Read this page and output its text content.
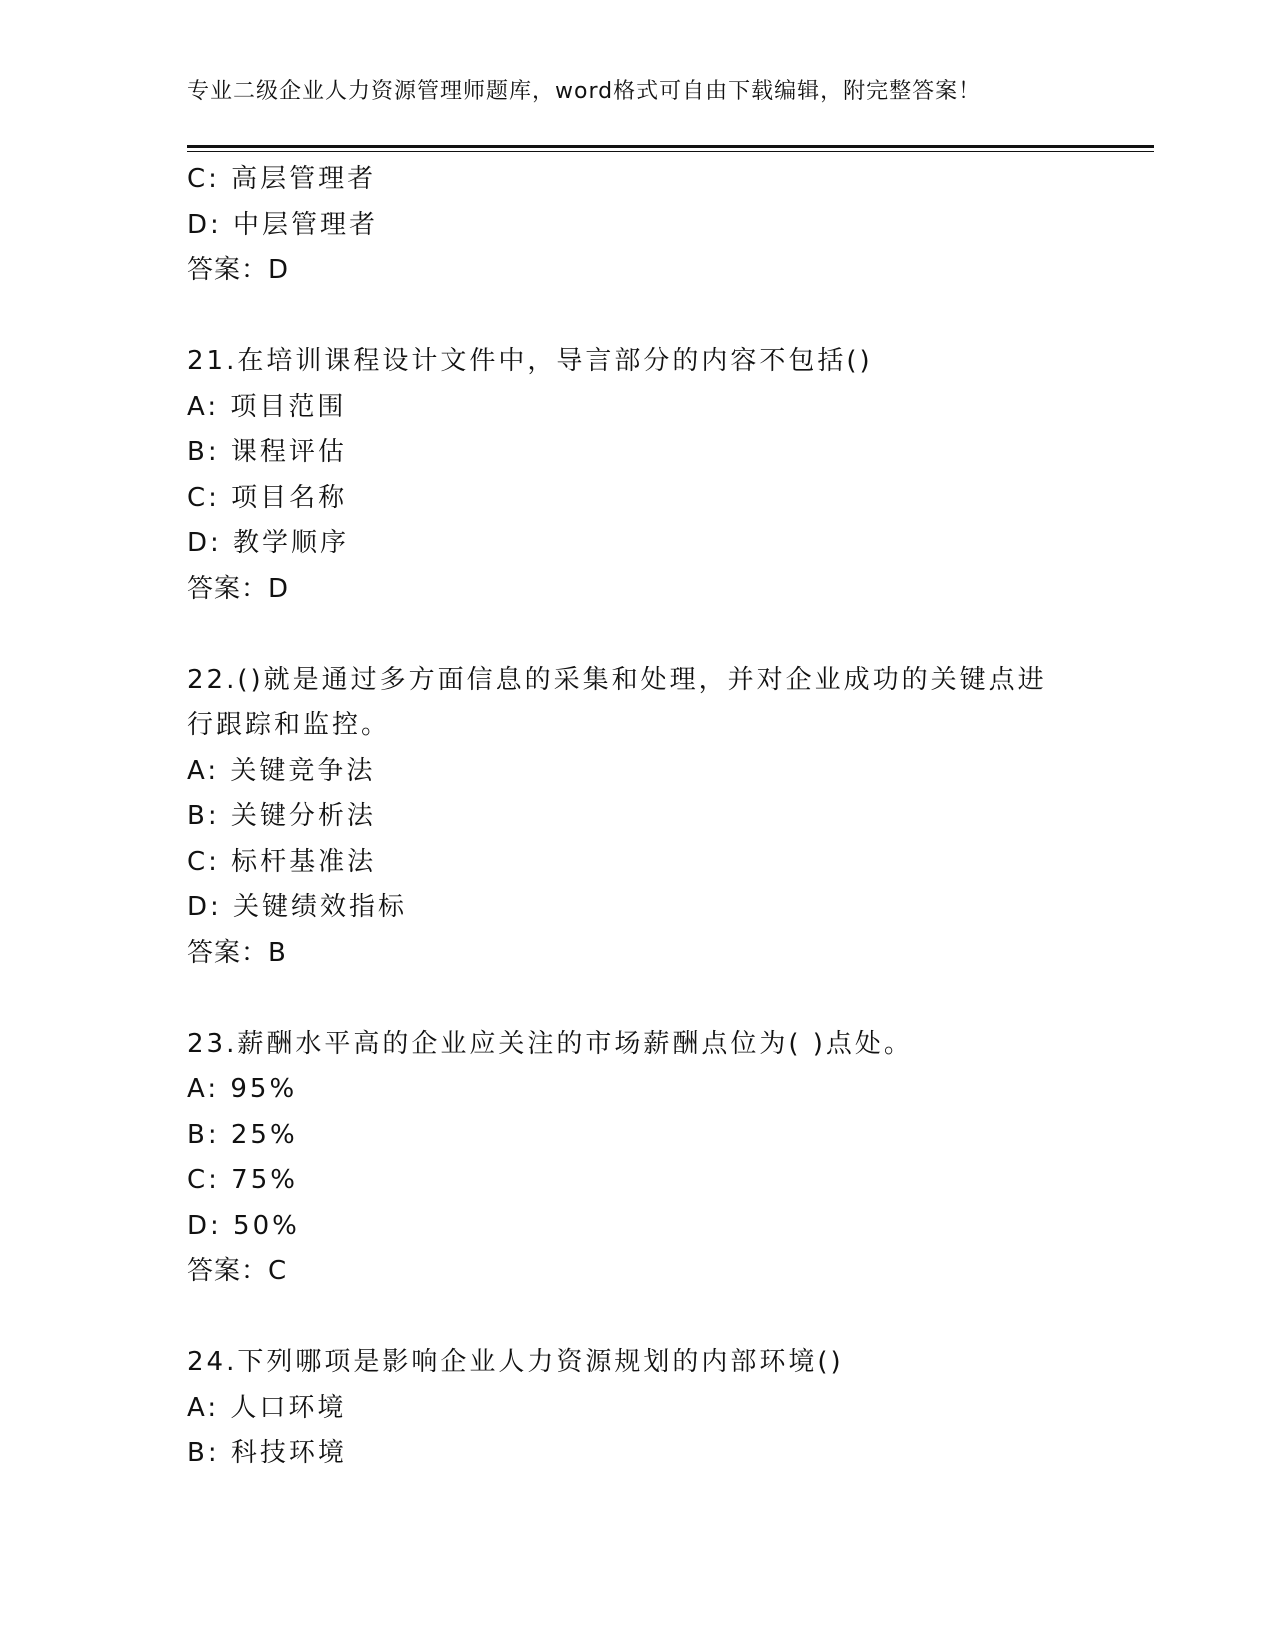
专业二级企业人力资源管理师题库，word格式可自由下载编辑，附完整答案！
C: 高层管理者
D: 中层管理者
答案：D
21.在培训课程设计文件中，导言部分的内容不包括()
A: 项目范围
B: 课程评估
C: 项目名称
D: 教学顺序
答案：D
22.()就是通过多方面信息的采集和处理，并对企业成功的关键点进行跟踪和监控。
A: 关键竞争法
B: 关键分析法
C: 标杆基准法
D: 关键绩效指标
答案：B
23.薪酬水平高的企业应关注的市场薪酬点位为( )点处。
A: 95%
B: 25%
C: 75%
D: 50%
答案：C
24.下列哪项是影响企业人力资源规划的内部环境()
A: 人口环境
B: 科技环境
